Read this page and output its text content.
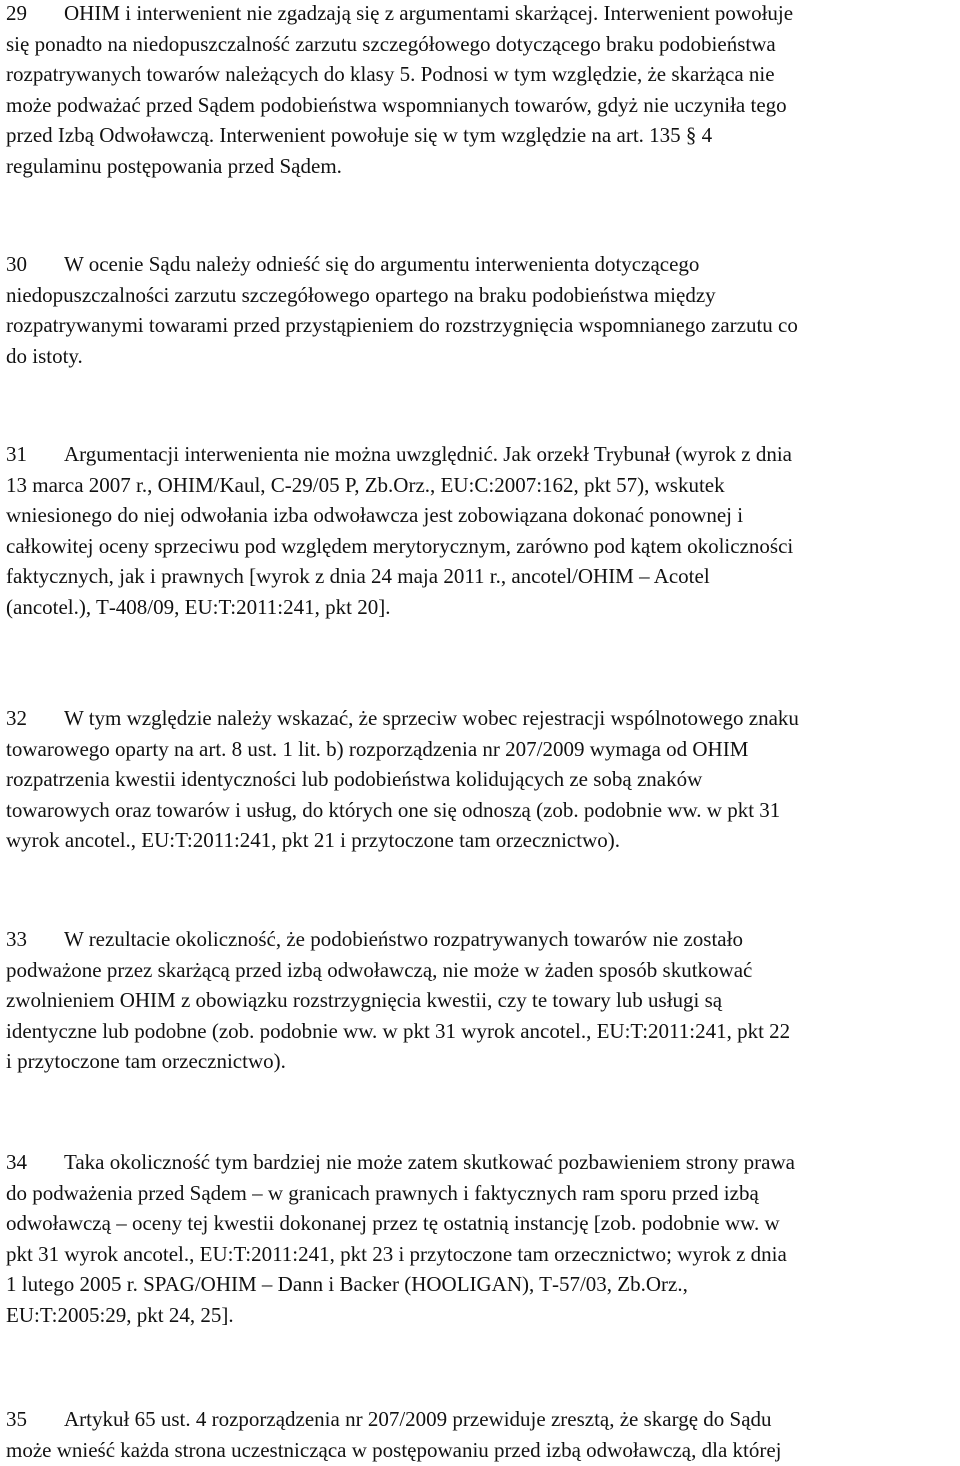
29 OHIM i interwenient nie zgadzają się z argumentami skarżącej. Interwenient powołuje
się ponadto na niedopuszczalność zarzutu szczegółowego dotyczącego braku podobieństwa
rozpatrywanych towarów należących do klasy 5. Podnosi w tym względzie, że skarżąca nie
może podważać przed Sądem podobieństwa wspomnianych towarów, gdyż nie uczyniła tego
przed Izbą Odwoławczą. Interwenient powołuje się w tym względzie na art. 135 § 4
regulaminu postępowania przed Sądem.
30 W ocenie Sądu należy odnieść się do argumentu interwenienta dotyczącego
niedopuszczalności zarzutu szczegółowego opartego na braku podobieństwa między
rozpatrywanymi towarami przed przystąpieniem do rozstrzygnięcia wspomnianego zarzutu co
do istoty.
31 Argumentacji interwenienta nie można uwzględnić. Jak orzekł Trybunał (wyrok z dnia
13 marca 2007 r., OHIM/Kaul, C‑29/05 P, Zb.Orz., EU:C:2007:162, pkt 57), wskutek
wniesionego do niej odwołania izba odwoławcza jest zobowiązana dokonać ponownej i
całkowitej oceny sprzeciwu pod względem merytorycznym, zarówno pod kątem okoliczności
faktycznych, jak i prawnych [wyrok z dnia 24 maja 2011 r., ancotel/OHIM – Acotel
(ancotel.), T‑408/09, EU:T:2011:241, pkt 20].
32 W tym względzie należy wskazać, że sprzeciw wobec rejestracji wspólnotowego znaku
towarowego oparty na art. 8 ust. 1 lit. b) rozporządzenia nr 207/2009 wymaga od OHIM
rozpatrzenia kwestii identyczności lub podobieństwa kolidujących ze sobą znaków
towarowych oraz towarów i usług, do których one się odnoszą (zob. podobnie ww. w pkt 31
wyrok ancotel., EU:T:2011:241, pkt 21 i przytoczone tam orzecznictwo).
33 W rezultacie okoliczność, że podobieństwo rozpatrywanych towarów nie zostało
podważone przez skarżącą przed izbą odwoławczą, nie może w żaden sposób skutkować
zwolnieniem OHIM z obowiązku rozstrzygnięcia kwestii, czy te towary lub usługi są
identyczne lub podobne (zob. podobnie ww. w pkt 31 wyrok ancotel., EU:T:2011:241, pkt 22
i przytoczone tam orzecznictwo).
34 Taka okoliczność tym bardziej nie może zatem skutkować pozbawieniem strony prawa
do podważenia przed Sądem – w granicach prawnych i faktycznych ram sporu przed izbą
odwoławczą – oceny tej kwestii dokonanej przez tę ostatnią instancję [zob. podobnie ww. w
pkt 31 wyrok ancotel., EU:T:2011:241, pkt 23 i przytoczone tam orzecznictwo; wyrok z dnia
1 lutego 2005 r. SPAG/OHIM – Dann i Backer (HOOLIGAN), T‑57/03, Zb.Orz.,
EU:T:2005:29, pkt 24, 25].
35 Artykuł 65 ust. 4 rozporządzenia nr 207/2009 przewiduje zresztą, że skargę do Sądu
może wnieść każda strona uczestnicząca w postępowaniu przed izbą odwoławczą, dla której
